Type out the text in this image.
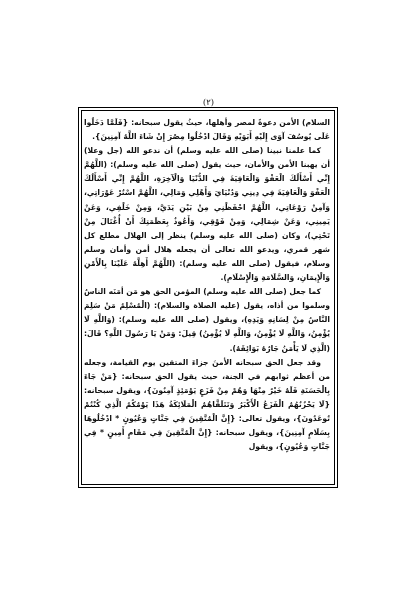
(٢)

السلام) الأمن دعوةً لمصر وأهلها، حيثُ يقول سبحانه: {فَلَمَّا دَخَلُوا عَلَى يُوسُفَ آوَى إِلَيْهِ أَبَوَيْهِ وَقَالَ ادْخُلُوا مِصْرَ إِنْ شَاءَ اللَّهُ آمِنِينَ}.

كما علمنا نبينا (صلى الله عليه وسلم) أن ندعو الله (جل وعلا) أن يهبنا الأمن والأمان، حيث يقول (صلى الله عليه وسلم): (اللَّهُمَّ إِنِّي أَسْأَلُكَ الْعَفْوَ وَالْعَافِيَةَ فِي الدُّنْيَا وَالْآخِرَةِ، اللَّهُمَّ إِنِّي أَسْأَلُكَ الْعَفْوَ وَالْعَافِيَةَ فِي دِينِي وَدُنْيَايَ وَأَهْلِي وَمَالِي، اللَّهُمَّ اسْتُرْ عَوْرَاتِي، وَآمِنْ رَوْعَاتِي، اللَّهُمَّ احْفَظْنِي مِنْ بَيْنِ يَدَيَّ، وَمِنْ خَلْفِي، وَعَنْ يَمِينِي، وَعَنْ شِمَالِي، وَمِنْ فَوْقِي، وَأَعُوذُ بِعَظَمَتِكَ أَنْ أُغْتَالَ مِنْ تَحْتِي)، وكان (صلى الله عليه وسلم) ينظر إلى الهلال مطلع كل شهر قمري، ويدعو الله تعالى أن يجعله هلال أمن وأمان وسلم وسلام، فيقول (صلى الله عليه وسلم): (اللَّهُمَّ أَهِلَّهُ عَلَيْنَا بِالْأَمْنِ وَالْإِيمَانِ، وَالسَّلَامَةِ وَالْإِسْلَامِ).

كما جعل (صلى الله عليه وسلم) المؤمن الحق هو مَن أمَنَه الناسُ وسلموا من أذاه، يقول (عليه الصلاة والسلام): (الْمُسْلِمُ مَنْ سَلِمَ النَّاسُ مِنْ لِسَانِهِ وَيَدِهِ)، ويقول (صلى الله عليه وسلم): (وَاللَّهِ لَا يُؤْمِنُ، وَاللَّهِ لَا يُؤْمِنُ، وَاللَّهِ لَا يُؤْمِنُ) قِيلَ: وَمَنْ يَا رَسُولَ اللَّهِ؟ قَالَ: (الَّذِي لَا يَأْمَنُ جَارُهُ بَوَائِقَهُ).

وقد جعل الحق سبحانه الأمنَ جزاءَ المتقين يوم القيامة، وجعله من أعظم ثوابهم في الجنة، حيث يقول الحق سبحانه: {مَنْ جَاءَ بِالْحَسَنَةِ فَلَهُ خَيْرٌ مِنْهَا وَهُمْ مِنْ فَزَعٍ يَوْمَئِذٍ آمِنُونَ}، ويقول سبحانه: {لَا يَحْزُنُهُمُ الْفَزَعُ الْأَكْبَرُ وَتَتَلَقَّاهُمُ الْمَلَائِكَةُ هَذَا يَوْمُكُمُ الَّذِي كُنْتُمْ تُوعَدُونَ}، ويقول تعالى: {إِنَّ الْمُتَّقِينَ فِي جَنَّاتٍ وَعُيُونٍ * ادْخُلُوهَا بِسَلَامٍ آمِنِينَ}، ويقول سبحانه: {إِنَّ الْمُتَّقِينَ فِي مَقَامٍ أَمِينٍ * فِي جَنَّاتٍ وَعُيُونٍ}، ويقول
